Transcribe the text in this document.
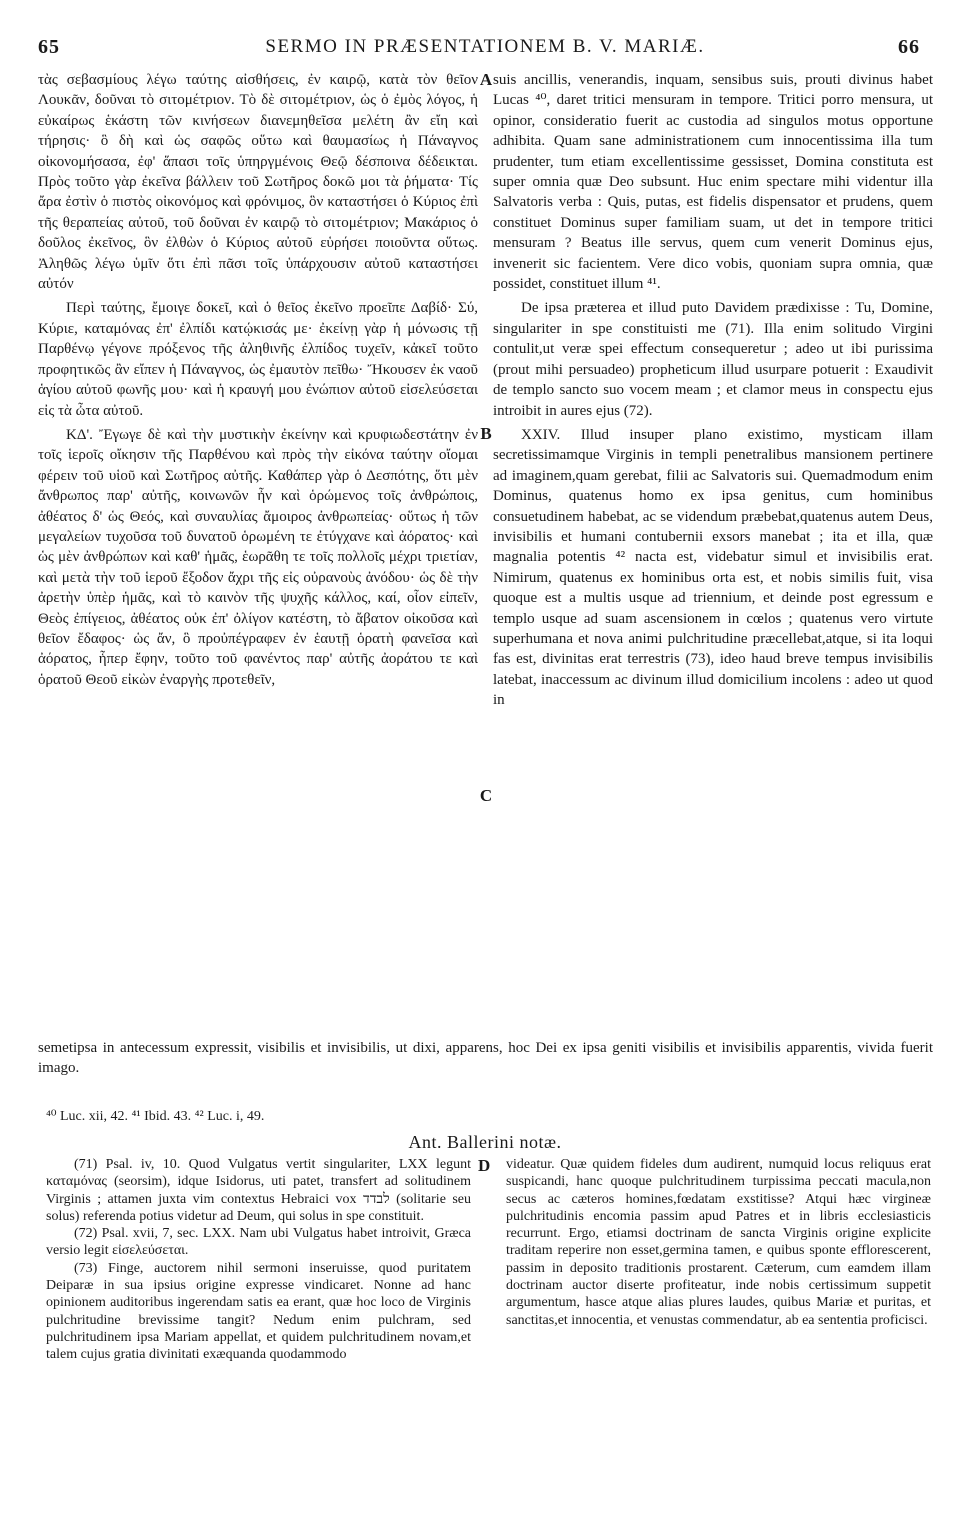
65	SERMO IN PRÆSENTATIONEM B. V. MARIÆ.	66

τὰς σεβασμίους λέγω ταύτης αἰσθήσεις, ἐν καιρῷ, κατὰ τὸν θεῖον Λουκᾶν, δοῦναι τὸ σιτομέτριον. Τὸ δὲ σιτομέτριον, ὡς ὁ ἐμὸς λόγος, ἡ εὐκαίρως ἑκάστη τῶν κινήσεων διανεμηθεῖσα μελέτη ἂν εἴη καὶ τήρησις· ὃ δὴ καὶ ὡς σαφῶς οὕτω καὶ θαυμασίως ἡ Πάναγνος οἰκονομήσασα, ἐφ' ἅπασι τοῖς ὑπηργμένοις Θεῷ δέσποινα δέδεικται. Πρὸς τοῦτο γὰρ ἐκεῖνα βάλλειν τοῦ Σωτῆρος δοκῶ μοι τὰ ῥήματα· Τίς ἄρα ἐστὶν ὁ πιστὸς οἰκονόμος καὶ φρόνιμος, ὃν καταστήσει ὁ Κύριος ἐπὶ τῆς θεραπείας αὐτοῦ, τοῦ δοῦναι ἐν καιρῷ τὸ σιτομέτριον; Μακάριος ὁ δοῦλος ἐκεῖνος, ὃν ἐλθὼν ὁ Κύριος αὐτοῦ εὑρήσει ποιοῦντα οὕτως. Ἀληθῶς λέγω ὑμῖν ὅτι ἐπὶ πᾶσι τοῖς ὑπάρχουσιν αὐτοῦ καταστήσει αὐτόν

Περὶ ταύτης, ἔμοιγε δοκεῖ, καὶ ὁ θεῖος ἐκεῖνο προεῖπε Δαβίδ· Σύ, Κύριε, καταμόνας ἐπ' ἐλπίδι κατῴκισάς με· ἐκείνῃ γὰρ ἡ μόνωσις τῇ Παρθένῳ γέγονε πρόξενος τῆς ἀληθινῆς ἐλπίδος τυχεῖν, κἀκεῖ τοῦτο προφητικῶς ἂν εἴπεν ἡ Πάναγνος, ὡς ἐμαυτὸν πεῖθω· Ἤκουσεν ἐκ ναοῦ ἁγίου αὐτοῦ φωνῆς μου· καὶ ἡ κραυγή μου ἐνώπιον αὐτοῦ εἰσελεύσεται εἰς τὰ ὦτα αὐτοῦ.

ΚΔ'. Ἔγωγε δὲ καὶ τὴν μυστικὴν ἐκείνην καὶ κρυφιωδεστάτην ἐν τοῖς ἱεροῖς οἴκησιν τῆς Παρθένου καὶ πρὸς τὴν εἰκόνα ταύτην οἴομαι φέρειν τοῦ υἱοῦ καὶ Σωτῆρος αὐτῆς. Καθάπερ γὰρ ὁ Δεσπότης, ὅτι μὲν ἄνθρωπος παρ' αὐτῆς, κοινωνῶν ἦν καὶ ὁρώμενος τοῖς ἀνθρώποις, ἀθέατος δ' ὡς Θεός, καὶ συναυλίας ἄμοιρος ἀνθρωπείας· οὕτως ἡ τῶν μεγαλείων τυχοῦσα τοῦ δυνατοῦ ὁρωμένη τε ἐτύγχανε καὶ ἀόρατος· καὶ ὡς μὲν ἀνθρώπων καὶ καθ' ἡμᾶς, ἑωρᾶθη τε τοῖς πολλοῖς μέχρι τριετίαν, καὶ μετὰ τὴν τοῦ ἱεροῦ ἔξοδον ἄχρι τῆς εἰς οὐρανοὺς ἀνόδου· ὡς δὲ τὴν ἀρετὴν ὑπὲρ ἡμᾶς, καὶ τὸ καινὸν τῆς ψυχῆς κάλλος, καί, οἷον εἰπεῖν, Θεὸς ἐπίγειος, ἀθέατος οὐκ ἐπ' ὀλίγον κατέστη, τὸ ἄβατον οἰκοῦσα καὶ θεῖον ἔδαφος· ὡς ἄν, ὃ προὐπέγραφεν ἐν ἑαυτῇ ὁρατὴ φανεῖσα καὶ ἀόρατος, ἧπερ ἔφην, τοῦτο τοῦ φανέντος παρ' αὐτῆς ἀοράτου τε καὶ ὁρατοῦ Θεοῦ εἰκὼν ἐναργὴς προτεθεῖν,

A
B
C

suis ancillis, venerandis, inquam, sensibus suis, prouti divinus habet Lucas ⁴⁰, daret tritici mensuram in tempore. Tritici porro mensura, ut opinor, consideratio fuerit ac custodia ad singulos motus opportune adhibita. Quam sane administrationem cum innocentissima illa tum prudenter, tum etiam excellentissime gessisset, Domina constituta est super omnia quæ Deo subsunt. Huc enim spectare mihi videntur illa Salvatoris verba : Quis, putas, est fidelis dispensator et prudens, quem constituet Dominus super familiam suam, ut det in tempore tritici mensuram ? Beatus ille servus, quem cum venerit Dominus ejus, invenerit sic facientem. Vere dico vobis, quoniam supra omnia, quæ possidet, constituet illum ⁴¹.

De ipsa præterea et illud puto Davidem prædixisse : Tu, Domine, singulariter in spe constituisti me (71). Illa enim solitudo Virgini contulit,ut veræ spei effectum consequeretur ; adeo ut ibi purissima (prout mihi persuadeo) propheticum illud usurpare potuerit : Exaudivit de templo sancto suo vocem meam ; et clamor meus in conspectu ejus introibit in aures ejus (72).

XXIV. Illud insuper plano existimo, mysticam illam secretissimamque Virginis in templi penetralibus mansionem pertinere ad imaginem,quam gerebat, filii ac Salvatoris sui. Quemadmodum enim Dominus, quatenus homo ex ipsa genitus, cum hominibus consuetudinem habebat, ac se videndum præbebat,quatenus autem Deus, invisibilis et humani contubernii exsors manebat ; ita et illa, quæ magnalia potentis ⁴² nacta est, videbatur simul et invisibilis erat. Nimirum, quatenus ex hominibus orta est, et nobis similis fuit, visa quoque est a multis usque ad triennium, et deinde post egressum e templo usque ad suam ascensionem in cœlos ; quatenus vero virtute superhumana et nova animi pulchritudine præcellebat,atque, si ita loqui fas est, divinitas erat terrestris (73), ideo haud breve tempus invisibilis latebat, inaccessum ac divinum illud domicilium incolens : adeo ut quod in

semetipsa in antecessum expressit, visibilis et invisibilis, ut dixi, apparens, hoc Dei ex ipsa geniti visibilis et invisibilis apparentis, vivida fuerit imago.
⁴⁰ Luc. xii, 42. ⁴¹ Ibid. 43. ⁴² Luc. i, 49.
Ant. Ballerini notæ.

(71) Psal. iv, 10. Quod Vulgatus vertit singulariter, LXX legunt καταμόνας (seorsim), idque Isidorus, uti patet, transfert ad solitudinem Virginis ; attamen juxta vim contextus Hebraici vox לבדד (solitarie seu solus) referenda potius videtur ad Deum, qui solus in spe constituit.

(72) Psal. xvii, 7, sec. LXX. Nam ubi Vulgatus habet introivit, Græca versio legit εἰσελεύσεται.

(73) Finge, auctorem nihil sermoni inseruisse, quod puritatem Deiparæ in sua ipsius origine expresse vindicaret. Nonne ad hanc opinionem auditoribus ingerendam satis ea erant, quæ hoc loco de Virginis pulchritudine brevissime tangit? Nedum enim pulchram, sed pulchritudinem ipsa Mariam appellat, et quidem pulchritudinem novam,et talem cujus gratia divinitati exæquanda quodammodo

D videatur. Quæ quidem fideles dum audirent, numquid locus reliquus erat suspicandi, hanc quoque pulchritudinem turpissima peccati macula,non secus ac cæteros homines,fœdatam exstitisse? Atqui hæc virgineæ pulchritudinis encomia passim apud Patres et in libris ecclesiasticis recurrunt. Ergo, etiamsi doctrinam de sancta Virginis origine explicite traditam reperire non esset,germina tamen, e quibus sponte efflorescerent, passim in deposito traditionis prostarent. Cæterum, cum eamdem illam doctrinam auctor diserte profiteatur, inde nobis certissimum suppetit argumentum, hasce atque alias plures laudes, quibus Mariæ et puritas, et sanctitas,et innocentia, et venustas commendatur, ab ea sententia proficisci.
